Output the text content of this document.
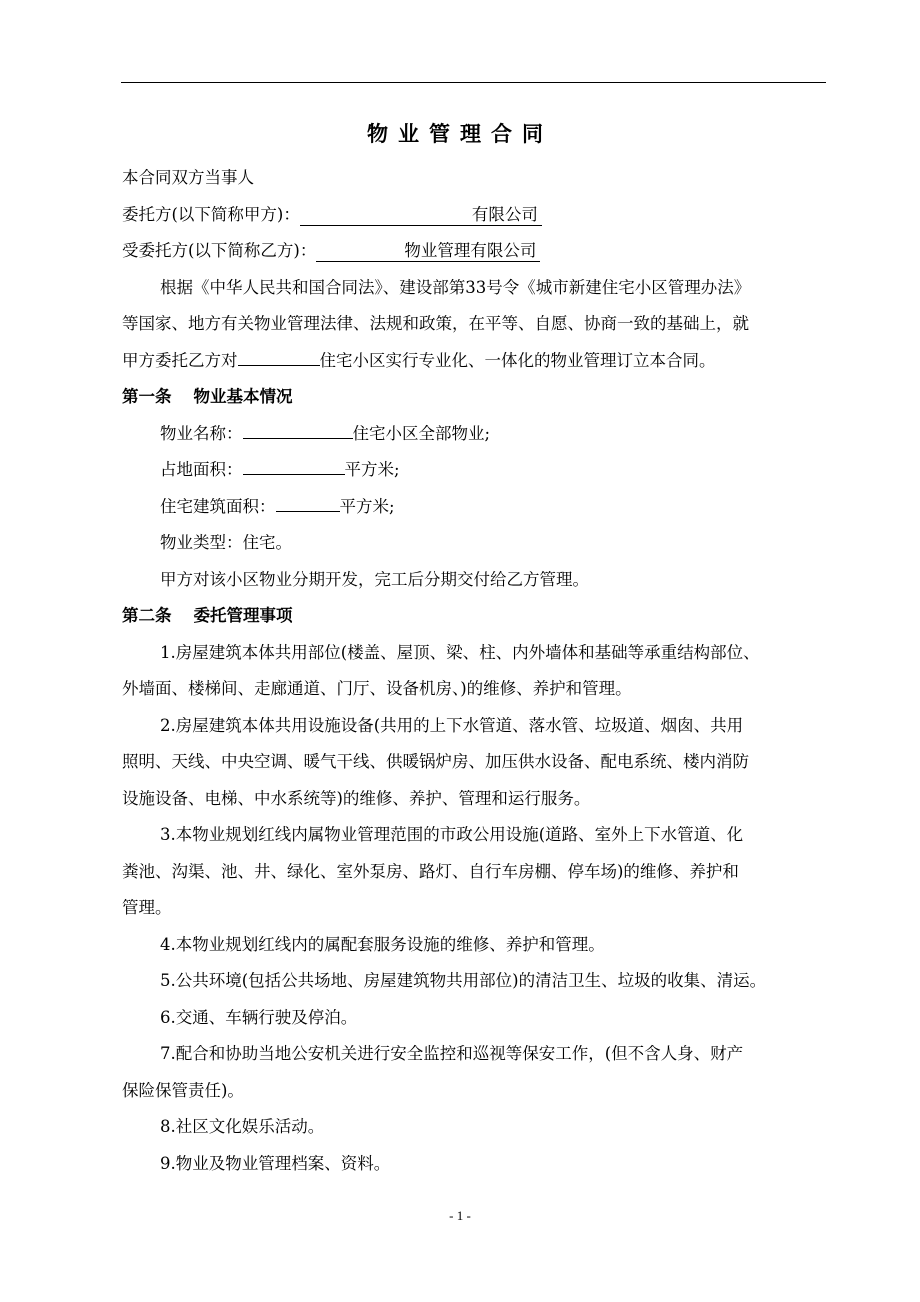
物业管理合同
本合同双方当事人
委托方(以下简称甲方)：	有限公司
受委托方(以下简称乙方)：	物业管理有限公司
根据《中华人民共和国合同法》、建设部第33号令《城市新建住宅小区管理办法》
等国家、地方有关物业管理法律、法规和政策，在平等、自愿、协商一致的基础上，就
甲方委托乙方对	住宅小区实行专业化、一体化的物业管理订立本合同。
第一条 物业基本情况
物业名称：	住宅小区全部物业;
占地面积：	平方米;
住宅建筑面积：	平方米;
物业类型：住宅。
甲方对该小区物业分期开发，完工后分期交付给乙方管理。
第二条 委托管理事项
1.房屋建筑本体共用部位(楼盖、屋顶、梁、柱、内外墙体和基础等承重结构部位、
外墙面、楼梯间、走廊通道、门厅、设备机房、)的维修、养护和管理。
2.房屋建筑本体共用设施设备(共用的上下水管道、落水管、垃圾道、烟囱、共用
照明、天线、中央空调、暖气干线、供暖锅炉房、加压供水设备、配电系统、楼内消防
设施设备、电梯、中水系统等)的维修、养护、管理和运行服务。
3.本物业规划红线内属物业管理范围的市政公用设施(道路、室外上下水管道、化
粪池、沟渠、池、井、绿化、室外泵房、路灯、自行车房棚、停车场)的维修、养护和
管理。
4.本物业规划红线内的属配套服务设施的维修、养护和管理。
5.公共环境(包括公共场地、房屋建筑物共用部位)的清洁卫生、垃圾的收集、清运。
6.交通、车辆行驶及停泊。
7.配合和协助当地公安机关进行安全监控和巡视等保安工作，(但不含人身、财产
保险保管责任)。
8.社区文化娱乐活动。
9.物业及物业管理档案、资料。
- 1 -
